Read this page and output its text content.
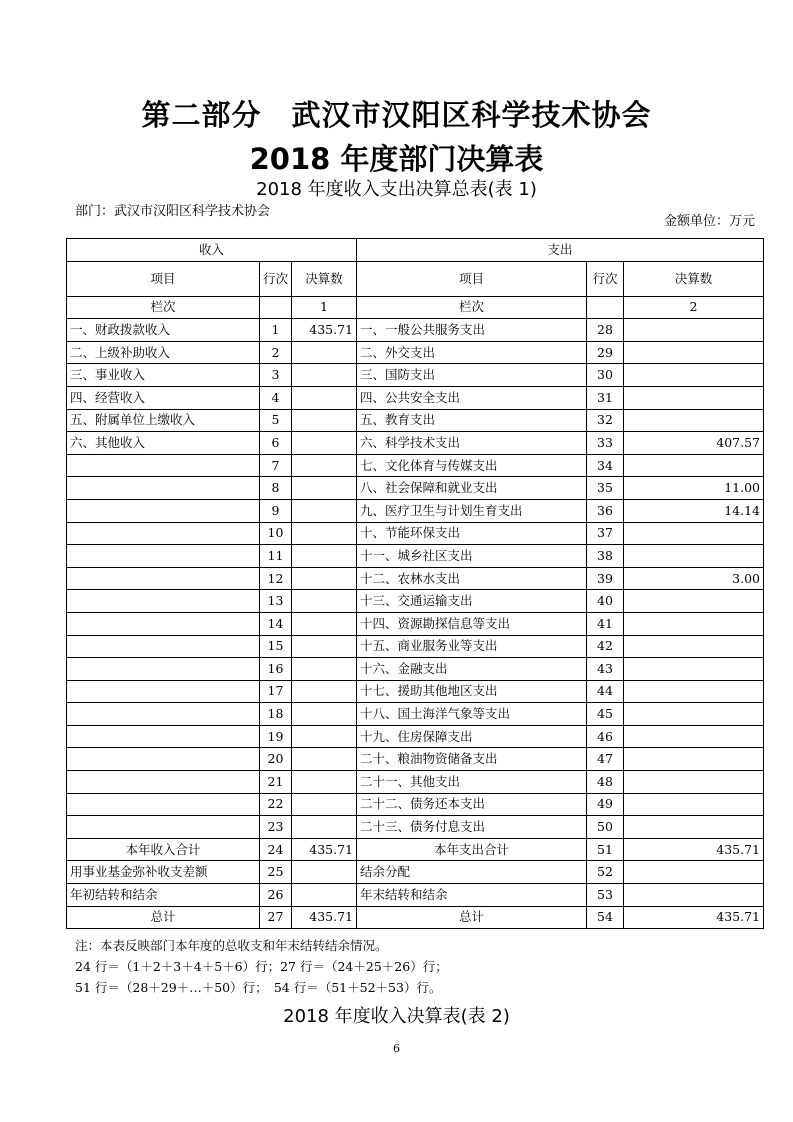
第二部分　武汉市汉阳区科学技术协会
2018 年度部门决算表
2018 年度收入支出决算总表(表 1)
部门：武汉市汉阳区科学技术协会
金额单位：万元
收入			支出		
项目	行次	决算数	项目	行次	决算数
栏次		1	栏次		2
一、财政拨款收入	1	435.71	一、一般公共服务支出	28	
二、上级补助收入	2		二、外交支出	29	
三、事业收入	3		三、国防支出	30	
四、经营收入	4		四、公共安全支出	31	
五、附属单位上缴收入	5		五、教育支出	32	
六、其他收入	6		六、科学技术支出	33	407.57
	7		七、文化体育与传媒支出	34	
	8		八、社会保障和就业支出	35	11.00
	9		九、医疗卫生与计划生育支出	36	14.14
	10		十、节能环保支出	37	
	11		十一、城乡社区支出	38	
	12		十二、农林水支出	39	3.00
	13		十三、交通运输支出	40	
	14		十四、资源勘探信息等支出	41	
	15		十五、商业服务业等支出	42	
	16		十六、金融支出	43	
	17		十七、援助其他地区支出	44	
	18		十八、国土海洋气象等支出	45	
	19		十九、住房保障支出	46	
	20		二十、粮油物资储备支出	47	
	21		二十一、其他支出	48	
	22		二十二、债务还本支出	49	
	23		二十三、债务付息支出	50	
本年收入合计	24	435.71	本年支出合计	51	435.71
用事业基金弥补收支差额	25		结余分配	52	
年初结转和结余	26		年末结转和结余	53	
总计	27	435.71	总计	54	435.71
注：本表反映部门本年度的总收支和年末结转结余情况。
24 行＝（1＋2＋3＋4＋5＋6）行；27 行＝（24＋25＋26）行；
51 行＝（28＋29＋…＋50）行；　54 行＝（51＋52＋53）行。
2018 年度收入决算表(表 2)
6
